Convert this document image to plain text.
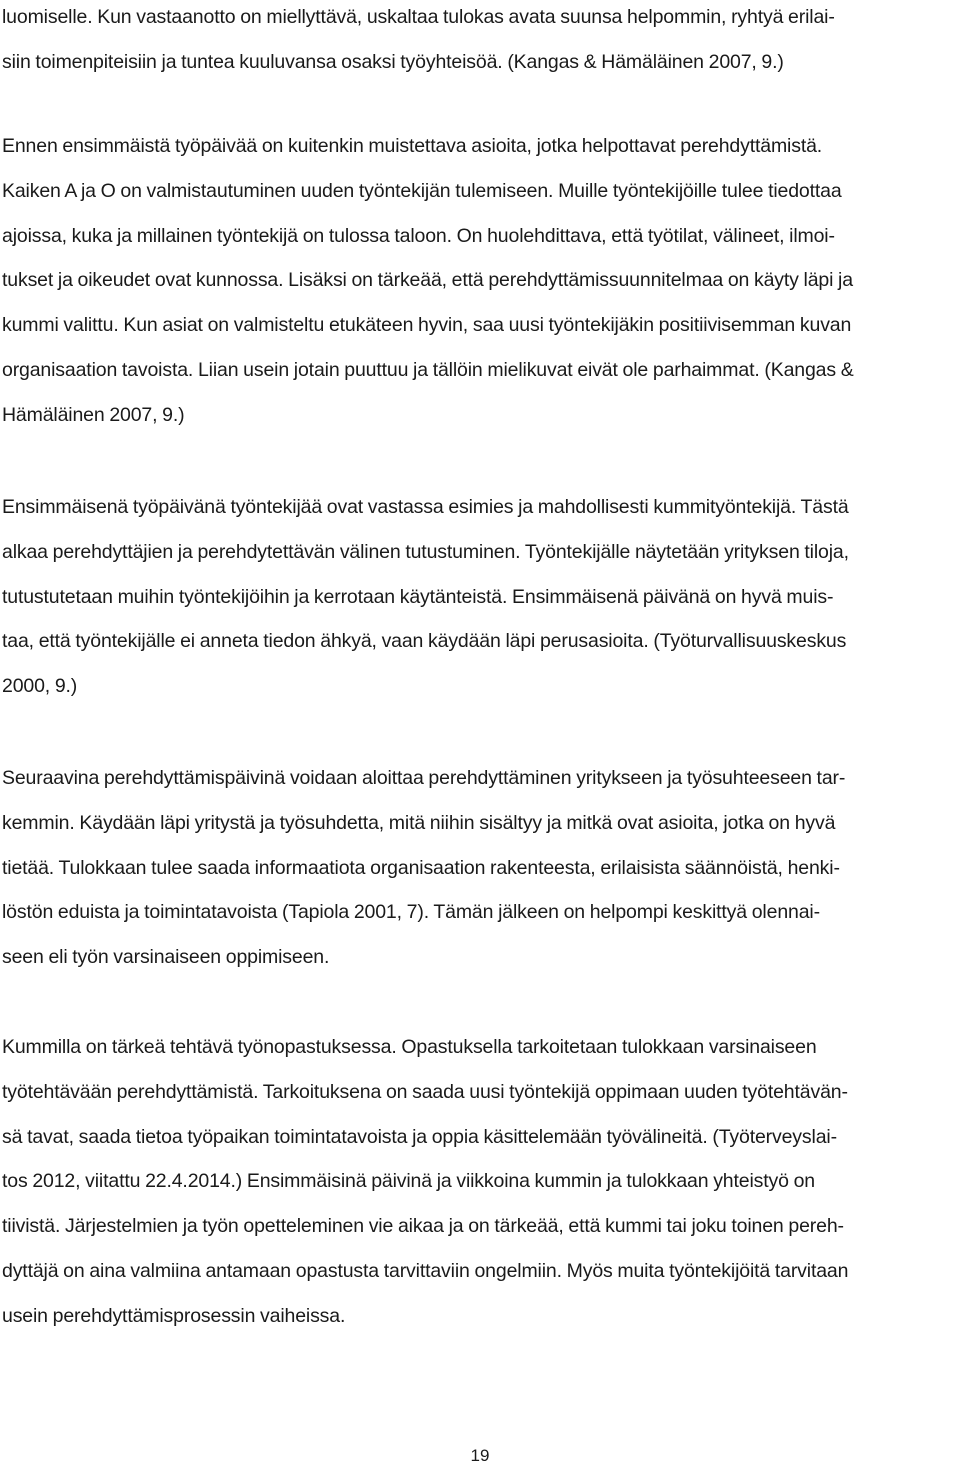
luomiselle. Kun vastaanotto on miellyttävä, uskaltaa tulokas avata suunsa helpommin, ryhtyä erilai-
siin toimenpiteisiin ja tuntea kuuluvansa osaksi työyhteisöä. (Kangas & Hämäläinen 2007, 9.)

Ennen ensimmäistä työpäivää on kuitenkin muistettava asioita, jotka helpottavat perehdyttämistä.
Kaiken A ja O on valmistautuminen uuden työntekijän tulemiseen. Muille työntekijöille tulee tiedottaa
ajoissa, kuka ja millainen työntekijä on tulossa taloon. On huolehdittava, että työtilat, välineet, ilmoi-
tukset ja oikeudet ovat kunnossa. Lisäksi on tärkeää, että perehdyttämissuunnitelmaa on käyty läpi ja
kummi valittu. Kun asiat on valmisteltu etukäteen hyvin, saa uusi työntekijäkin positiivisemman kuvan
organisaation tavoista. Liian usein jotain puuttuu ja tällöin mielikuvat eivät ole parhaimmat. (Kangas &
Hämäläinen 2007, 9.)

Ensimmäisenä työpäivänä työntekijää ovat vastassa esimies ja mahdollisesti kummityöntekijä. Tästä
alkaa perehdyttäjien ja perehdytettävän välinen tutustuminen. Työntekijälle näytetään yrityksen tiloja,
tutustutetaan muihin työntekijöihin ja kerrotaan käytänteistä. Ensimmäisenä päivänä on hyvä muis-
taa, että työntekijälle ei anneta tiedon ähkyä, vaan käydään läpi perusasioita. (Työturvallisuuskeskus
2000, 9.)

Seuraavina perehdyttämispäivinä voidaan aloittaa perehdyttäminen yritykseen ja työsuhteeseen tar-
kemmin. Käydään läpi yritystä ja työsuhdetta, mitä niihin sisältyy ja mitkä ovat asioita, jotka on hyvä
tietää. Tulokkaan tulee saada informaatiota organisaation rakenteesta, erilaisista säännöistä, henki-
löstön eduista ja toimintatavoista (Tapiola 2001, 7). Tämän jälkeen on helpompi keskittyä olennai-
seen eli työn varsinaiseen oppimiseen.

Kummilla on tärkeä tehtävä työnopastuksessa. Opastuksella tarkoitetaan tulokkaan varsinaiseen
työtehtävään perehdyttämistä. Tarkoituksena on saada uusi työntekijä oppimaan uuden työtehtävän-
sä tavat, saada tietoa työpaikan toimintatavoista ja oppia käsittelemään työvälineitä. (Työterveyslai-
tos 2012, viitattu 22.4.2014.) Ensimmäisinä päivinä ja viikkoina kummin ja tulokkaan yhteistyö on
tiivistä. Järjestelmien ja työn opetteleminen vie aikaa ja on tärkeää, että kummi tai joku toinen pereh-
dyttäjä on aina valmiina antamaan opastusta tarvittaviin ongelmiin. Myös muita työntekijöitä tarvitaan
usein perehdyttämisprosessin vaiheissa.

19
